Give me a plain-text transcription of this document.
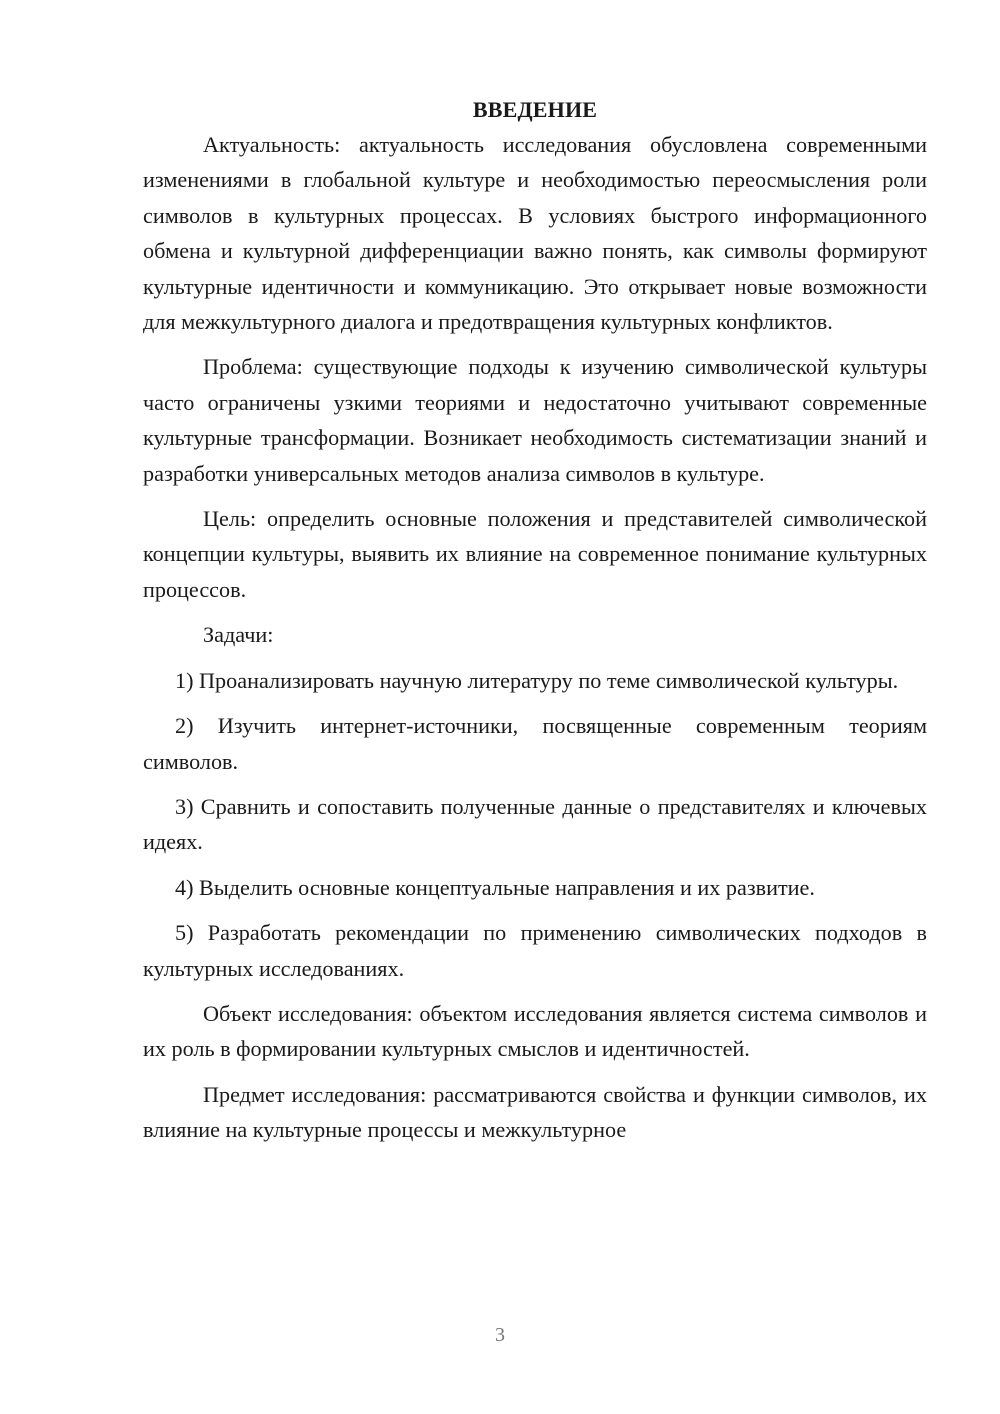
ВВЕДЕНИЕ

Актуальность: актуальность исследования обусловлена современными изменениями в глобальной культуре и необходимостью переосмысления роли символов в культурных процессах. В условиях быстрого информационного обмена и культурной дифференциации важно понять, как символы формируют культурные идентичности и коммуникацию. Это открывает новые возможности для межкультурного диалога и предотвращения культурных конфликтов.

Проблема: существующие подходы к изучению символической культуры часто ограничены узкими теориями и недостаточно учитывают современные культурные трансформации. Возникает необходимость систематизации знаний и разработки универсальных методов анализа символов в культуре.

Цель: определить основные положения и представителей символической концепции культуры, выявить их влияние на современное понимание культурных процессов.

Задачи:

1) Проанализировать научную литературу по теме символической культуры.

2) Изучить интернет-источники, посвященные современным теориям символов.

3) Сравнить и сопоставить полученные данные о представителях и ключевых идеях.

4) Выделить основные концептуальные направления и их развитие.

5) Разработать рекомендации по применению символических подходов в культурных исследованиях.

Объект исследования: объектом исследования является система символов и их роль в формировании культурных смыслов и идентичностей.

Предмет исследования: рассматриваются свойства и функции символов, их влияние на культурные процессы и межкультурное

3
